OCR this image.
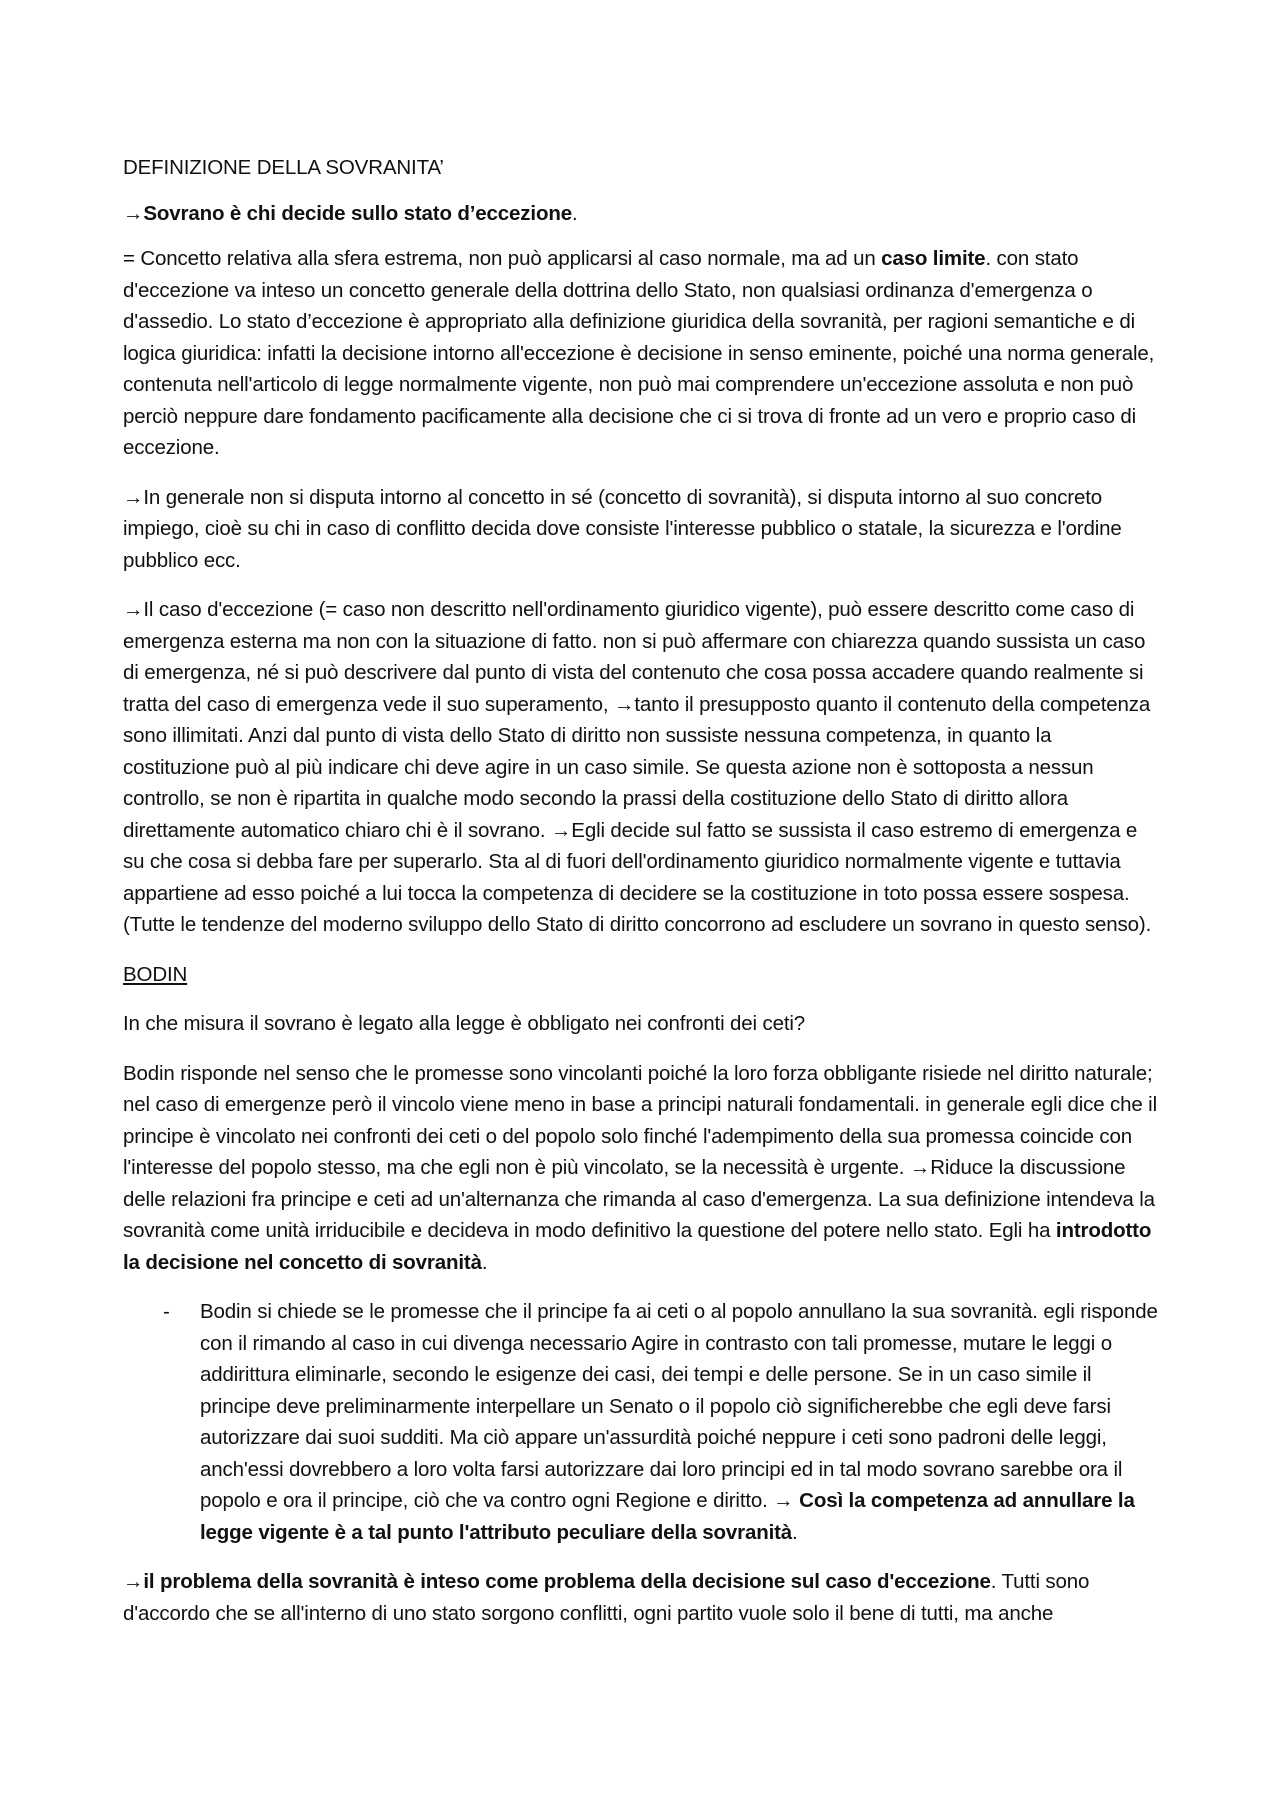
DEFINIZIONE DELLA SOVRANITA’

→Sovrano è chi decide sullo stato d’eccezione.

= Concetto relativa alla sfera estrema, non può applicarsi al caso normale, ma ad un caso limite. con stato d'eccezione va inteso un concetto generale della dottrina dello Stato, non qualsiasi ordinanza d'emergenza o d'assedio. Lo stato d’eccezione è appropriato alla definizione giuridica della sovranità, per ragioni semantiche e di logica giuridica: infatti la decisione intorno all'eccezione è decisione in senso eminente, poiché una norma generale, contenuta nell'articolo di legge normalmente vigente, non può mai comprendere un'eccezione assoluta e non può perciò neppure dare fondamento pacificamente alla decisione che ci si trova di fronte ad un vero e proprio caso di eccezione.

→In generale non si disputa intorno al concetto in sé (concetto di sovranità), si disputa intorno al suo concreto impiego, cioè su chi in caso di conflitto decida dove consiste l'interesse pubblico o statale, la sicurezza e l'ordine pubblico ecc.

→Il caso d'eccezione (= caso non descritto nell'ordinamento giuridico vigente), può essere descritto come caso di emergenza esterna ma non con la situazione di fatto. non si può affermare con chiarezza quando sussista un caso di emergenza, né si può descrivere dal punto di vista del contenuto che cosa possa accadere quando realmente si tratta del caso di emergenza vede il suo superamento, →tanto il presupposto quanto il contenuto della competenza sono illimitati. Anzi dal punto di vista dello Stato di diritto non sussiste nessuna competenza, in quanto la costituzione può al più indicare chi deve agire in un caso simile. Se questa azione non è sottoposta a nessun controllo, se non è ripartita in qualche modo secondo la prassi della costituzione dello Stato di diritto allora direttamente automatico chiaro chi è il sovrano. →Egli decide sul fatto se sussista il caso estremo di emergenza e su che cosa si debba fare per superarlo. Sta al di fuori dell'ordinamento giuridico normalmente vigente e tuttavia appartiene ad esso poiché a lui tocca la competenza di decidere se la costituzione in toto possa essere sospesa. (Tutte le tendenze del moderno sviluppo dello Stato di diritto concorrono ad escludere un sovrano in questo senso).

BODIN

In che misura il sovrano è legato alla legge è obbligato nei confronti dei ceti?

Bodin risponde nel senso che le promesse sono vincolanti poiché la loro forza obbligante risiede nel diritto naturale; nel caso di emergenze però il vincolo viene meno in base a principi naturali fondamentali. in generale egli dice che il principe è vincolato nei confronti dei ceti o del popolo solo finché l'adempimento della sua promessa coincide con l'interesse del popolo stesso, ma che egli non è più vincolato, se la necessità è urgente. →Riduce la discussione delle relazioni fra principe e ceti ad un'alternanza che rimanda al caso d'emergenza. La sua definizione intendeva la sovranità come unità irriducibile e decideva in modo definitivo la questione del potere nello stato. Egli ha introdotto la decisione nel concetto di sovranità.

-	Bodin si chiede se le promesse che il principe fa ai ceti o al popolo annullano la sua sovranità. egli risponde con il rimando al caso in cui divenga necessario Agire in contrasto con tali promesse, mutare le leggi o addirittura eliminarle, secondo le esigenze dei casi, dei tempi e delle persone. Se in un caso simile il principe deve preliminarmente interpellare un Senato o il popolo ciò significherebbe che egli deve farsi autorizzare dai suoi sudditi. Ma ciò appare un'assurdità poiché neppure i ceti sono padroni delle leggi, anch'essi dovrebbero a loro volta farsi autorizzare dai loro principi ed in tal modo sovrano sarebbe ora il popolo e ora il principe, ciò che va contro ogni Regione e diritto. → Così la competenza ad annullare la legge vigente è a tal punto l'attributo peculiare della sovranità.

→il problema della sovranità è inteso come problema della decisione sul caso d'eccezione. Tutti sono d'accordo che se all'interno di uno stato sorgono conflitti, ogni partito vuole solo il bene di tutti, ma anche
